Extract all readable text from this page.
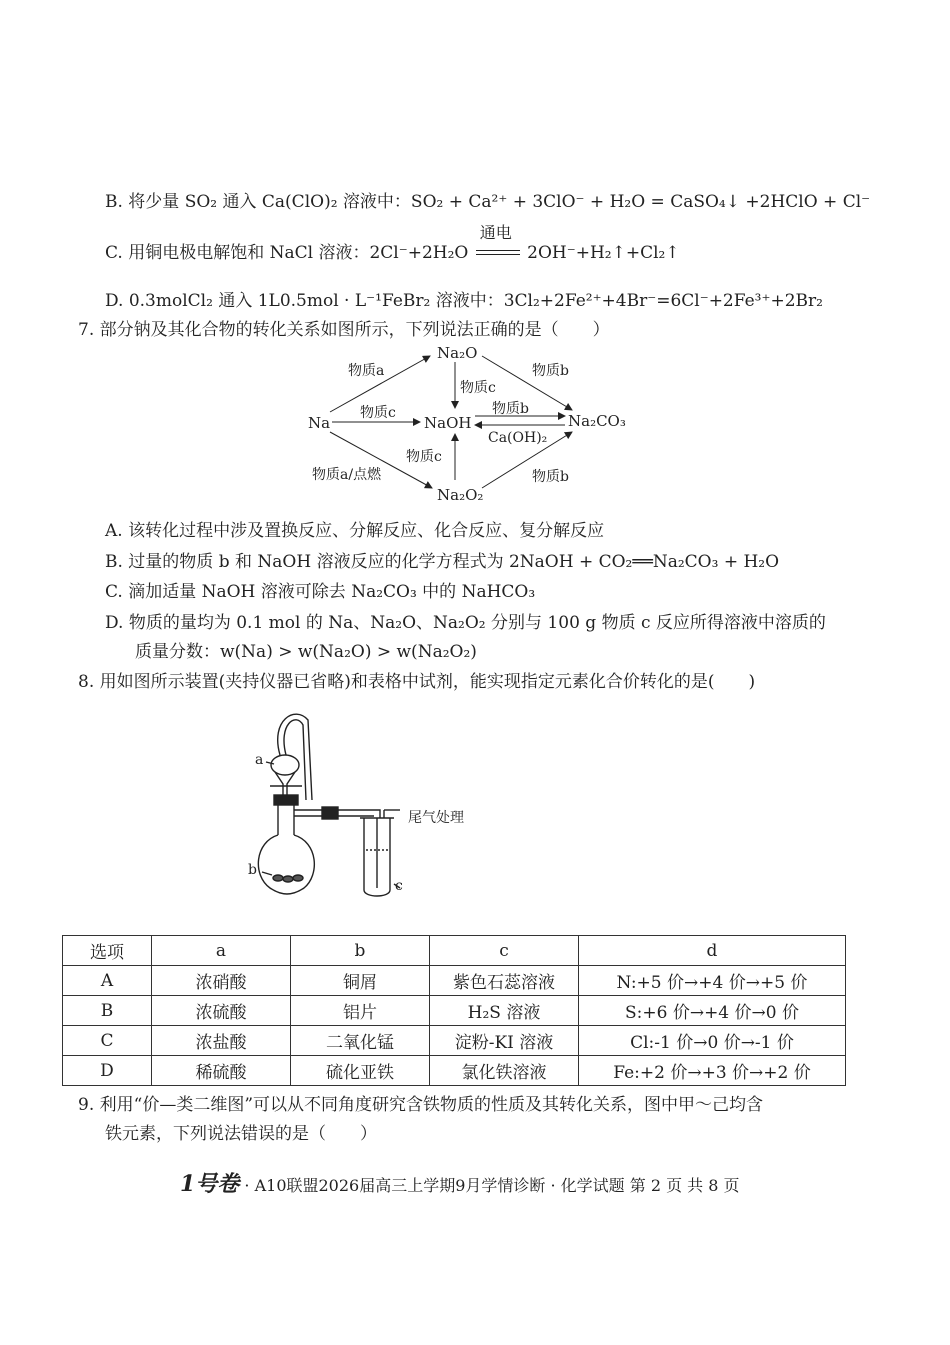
B. 将少量 SO₂ 通入 Ca(ClO)₂ 溶液中：SO₂ + Ca²⁺ + 3ClO⁻ + H₂O = CaSO₄↓ +2HClO + Cl⁻
C. 用铜电极电解饱和 NaCl 溶液：2Cl⁻+2H₂O
通电
2OH⁻+H₂↑+Cl₂↑
D. 0.3molCl₂ 通入 1L0.5mol · L⁻¹FeBr₂ 溶液中：3Cl₂+2Fe²⁺+4Br⁻=6Cl⁻+2Fe³⁺+2Br₂
7. 部分钠及其化合物的转化关系如图所示，下列说法正确的是（　　）
Na
Na₂O
NaOH	Na₂CO₃
Na₂O₂
物质a	物质b
物质c
物质c	物质b
Ca(OH)₂
物质c
物质a/点燃	物质b
A. 该转化过程中涉及置换反应、分解反应、化合反应、复分解反应
B. 过量的物质 b 和 NaOH 溶液反应的化学方程式为 2NaOH + CO₂══Na₂CO₃ + H₂O
C. 滴加适量 NaOH 溶液可除去 Na₂CO₃ 中的 NaHCO₃
D. 物质的量均为 0.1 mol 的 Na、Na₂O、Na₂O₂ 分别与 100 g 物质 c 反应所得溶液中溶质的
质量分数：w(Na) > w(Na₂O) > w(Na₂O₂)
8. 用如图所示装置(夹持仪器已省略)和表格中试剂，能实现指定元素化合价转化的是(　　)
a
b
c
尾气处理
选项	a	b	c	d
A	浓硝酸	铜屑	紫色石蕊溶液	N:+5 价→+4 价→+5 价
B	浓硫酸	铝片	H₂S 溶液	S:+6 价→+4 价→0 价
C	浓盐酸	二氧化锰	淀粉-KI 溶液	Cl:-1 价→0 价→-1 价
D	稀硫酸	硫化亚铁	氯化铁溶液	Fe:+2 价→+3 价→+2 价
9. 利用“价—类二维图”可以从不同角度研究含铁物质的性质及其转化关系，图中甲～己均含
铁元素，下列说法错误的是（　　）
1号卷 · A10联盟2026届高三上学期9月学情诊断 · 化学试题 第 2 页 共 8 页
